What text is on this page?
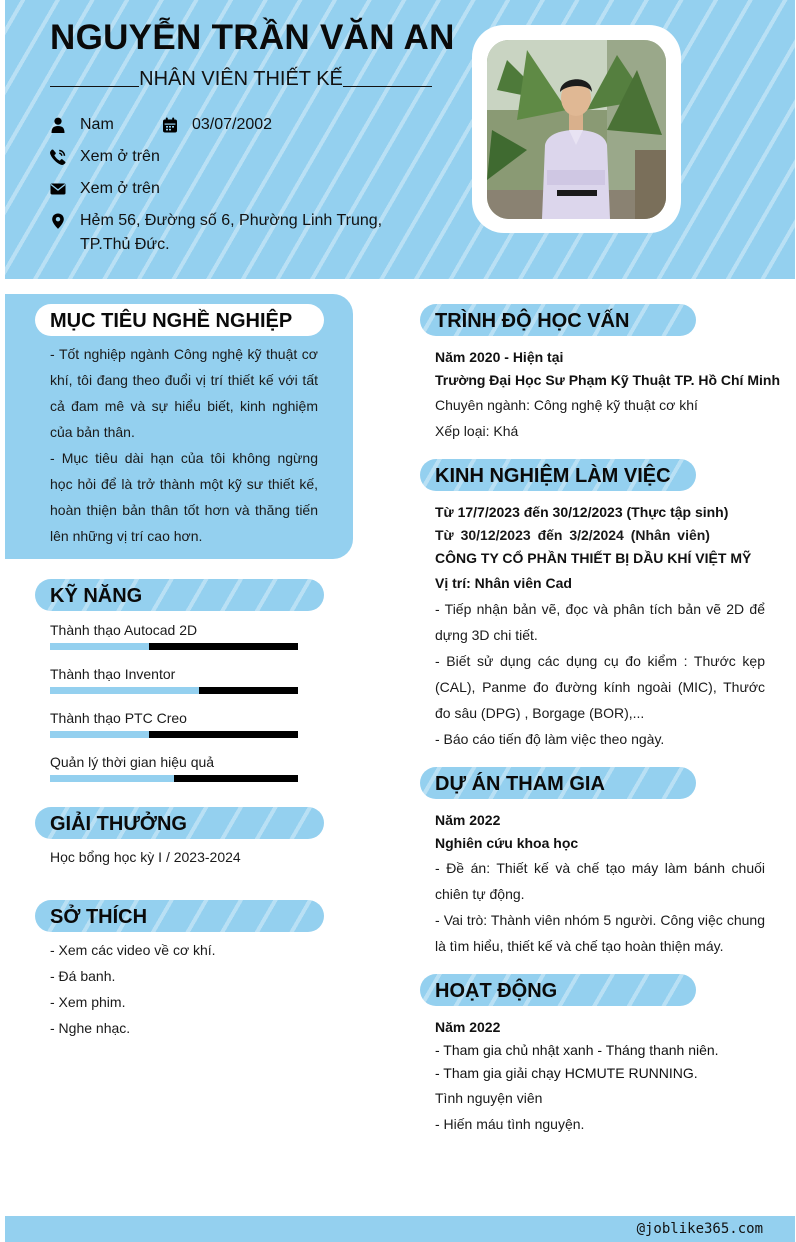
NGUYỄN TRẦN VĂN AN
NHÂN VIÊN THIẾT KẾ
Nam	03/07/2002
Xem ở trên
Xem ở trên
Hẻm 56, Đường số 6, Phường Linh Trung, TP.Thủ Đức.
MỤC TIÊU NGHỀ NGHIỆP
- Tốt nghiệp ngành Công nghệ kỹ thuật cơ khí, tôi đang theo đuổi vị trí thiết kế với tất cả đam mê và sự hiểu biết, kinh nghiệm của bản thân.
- Mục tiêu dài hạn của tôi không ngừng học hỏi để là trở thành một kỹ sư thiết kế, hoàn thiện bản thân tốt hơn và thăng tiến lên những vị trí cao hơn.
KỸ NĂNG
Thành thạo Autocad 2D
Thành thạo Inventor
Thành thạo PTC Creo
Quản lý thời gian hiệu quả
GIẢI THƯỞNG
Học bổng học kỳ I / 2023-2024
SỞ THÍCH
- Xem các video về cơ khí.
- Đá banh.
- Xem phim.
- Nghe nhạc.
TRÌNH ĐỘ HỌC VẤN
Năm 2020 - Hiện tại
Trường Đại Học Sư Phạm Kỹ Thuật TP. Hồ Chí Minh
Chuyên ngành: Công nghệ kỹ thuật cơ khí
Xếp loại: Khá
KINH NGHIỆM LÀM VIỆC
Từ 17/7/2023 đến 30/12/2023 (Thực tập sinh)
Từ 30/12/2023 đến 3/2/2024 (Nhân viên)
CÔNG TY CỔ PHẦN THIẾT BỊ DẦU KHÍ VIỆT MỸ
Vị trí: Nhân viên Cad
- Tiếp nhận bản vẽ, đọc và phân tích bản vẽ 2D để dựng 3D chi tiết.
- Biết sử dụng các dụng cụ đo kiểm : Thước kẹp (CAL), Panme đo đường kính ngoài (MIC), Thước đo sâu (DPG) , Borgage (BOR),...
- Báo cáo tiến độ làm việc theo ngày.
DỰ ÁN THAM GIA
Năm 2022
Nghiên cứu khoa học
- Đề án: Thiết kế và chế tạo máy làm bánh chuối chiên tự động.
- Vai trò: Thành viên nhóm 5 người. Công việc chung là tìm hiểu, thiết kế và chế tạo hoàn thiện máy.
HOẠT ĐỘNG
Năm 2022
- Tham gia chủ nhật xanh - Tháng thanh niên.
- Tham gia giải chạy HCMUTE RUNNING.
Tình nguyện viên
- Hiến máu tình nguyện.
@joblike365.com
